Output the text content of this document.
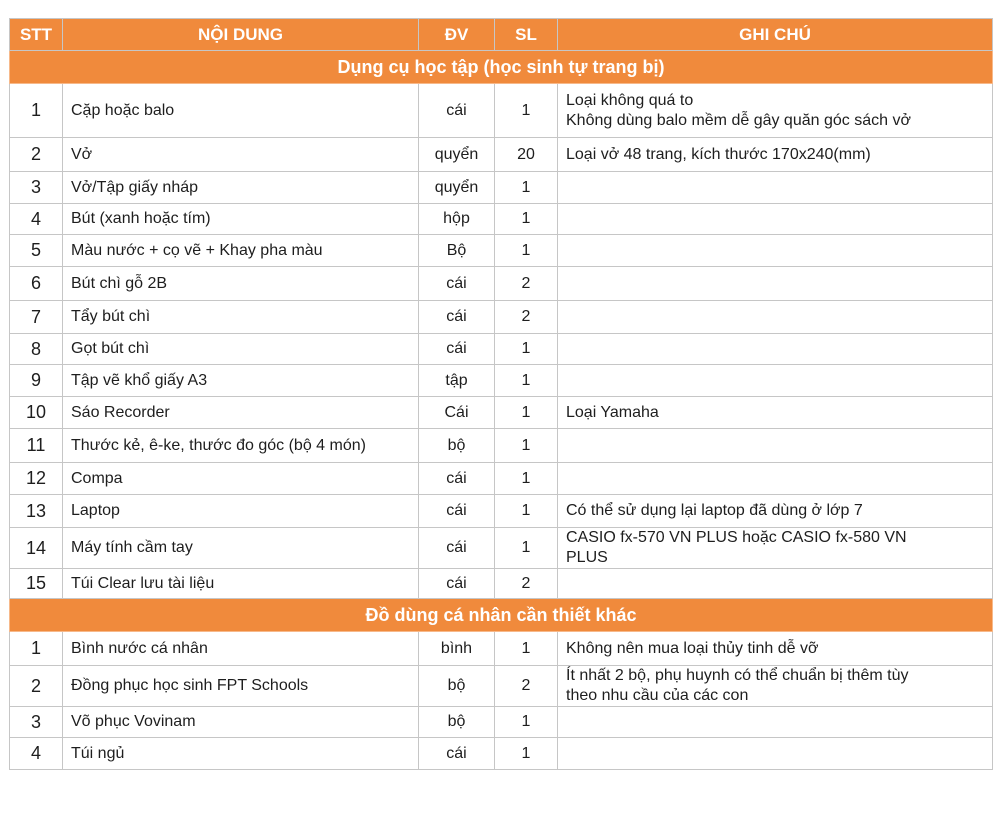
STT	NỘI DUNG	ĐV	SL	GHI CHÚ
Dụng cụ học tập (học sinh tự trang bị)				
1	Cặp hoặc balo	cái	1	Loại không quá to
Không dùng balo mềm dễ gây quăn góc sách vở

2	Vở	quyển	20	Loại vở 48 trang, kích thước 170x240(mm)

3	Vở/Tập giấy nháp	quyển	1	
4	Bút (xanh hoặc tím)	hộp	1	
5	Màu nước + cọ vẽ + Khay pha màu	Bộ	1	
6	Bút chì gỗ 2B	cái	2	
7	Tẩy bút chì	cái	2	
8	Gọt bút chì	cái	1	
9	Tập vẽ khổ giấy A3	tập	1	
10	Sáo Recorder	Cái	1	Loại Yamaha

11	Thước kẻ, ê-ke, thước đo góc (bộ 4 món)	bộ	1	
12	Compa	cái	1	
13	Laptop	cái	1	Có thể sử dụng lại laptop đã dùng ở lớp 7

14	Máy tính cầm tay	cái	1	CASIO fx-570 VN PLUS hoặc CASIO fx-580 VN
PLUS

15	Túi Clear lưu tài liệu	cái	2	
Đồ dùng cá nhân cần thiết khác				
1	Bình nước cá nhân	bình	1	Không nên mua loại thủy tinh dễ vỡ

2	Đồng phục học sinh FPT Schools	bộ	2	Ít nhất 2 bộ, phụ huynh có thể chuẩn bị thêm tùy
theo nhu cầu của các con

3	Võ phục Vovinam	bộ	1	
4	Túi ngủ	cái	1	
